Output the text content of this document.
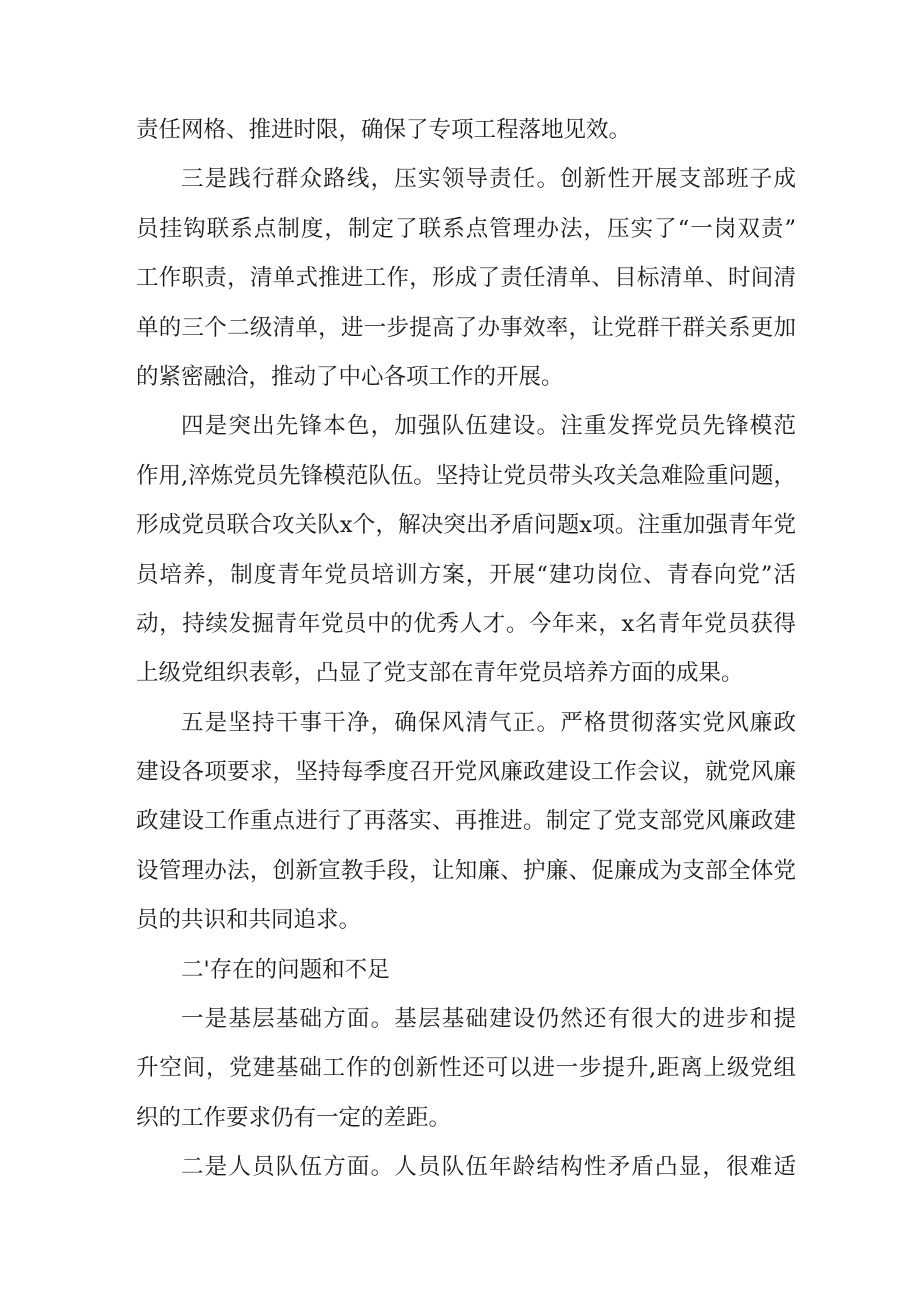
责任网格、推进时限，确保了专项工程落地见效。
三是践行群众路线，压实领导责任。创新性开展支部班子成
员挂钩联系点制度，制定了联系点管理办法，压实了“一岗双责”
工作职责，清单式推进工作，形成了责任清单、目标清单、时间清
单的三个二级清单，进一步提高了办事效率，让党群干群关系更加
的紧密融洽，推动了中心各项工作的开展。
四是突出先锋本色，加强队伍建设。注重发挥党员先锋模范
作用,淬炼党员先锋模范队伍。坚持让党员带头攻关急难险重问题，
形成党员联合攻关队x个，解决突出矛盾问题x项。注重加强青年党
员培养，制度青年党员培训方案，开展“建功岗位、青春向党”活
动，持续发掘青年党员中的优秀人才。今年来，x名青年党员获得
上级党组织表彰，凸显了党支部在青年党员培养方面的成果。
五是坚持干事干净，确保风清气正。严格贯彻落实党风廉政
建设各项要求，坚持每季度召开党风廉政建设工作会议，就党风廉
政建设工作重点进行了再落实、再推进。制定了党支部党风廉政建
设管理办法，创新宣教手段，让知廉、护廉、促廉成为支部全体党
员的共识和共同追求。
二'存在的问题和不足
一是基层基础方面。基层基础建设仍然还有很大的进步和提
升空间，党建基础工作的创新性还可以进一步提升,距离上级党组
织的工作要求仍有一定的差距。
二是人员队伍方面。人员队伍年龄结构性矛盾凸显，很难适
